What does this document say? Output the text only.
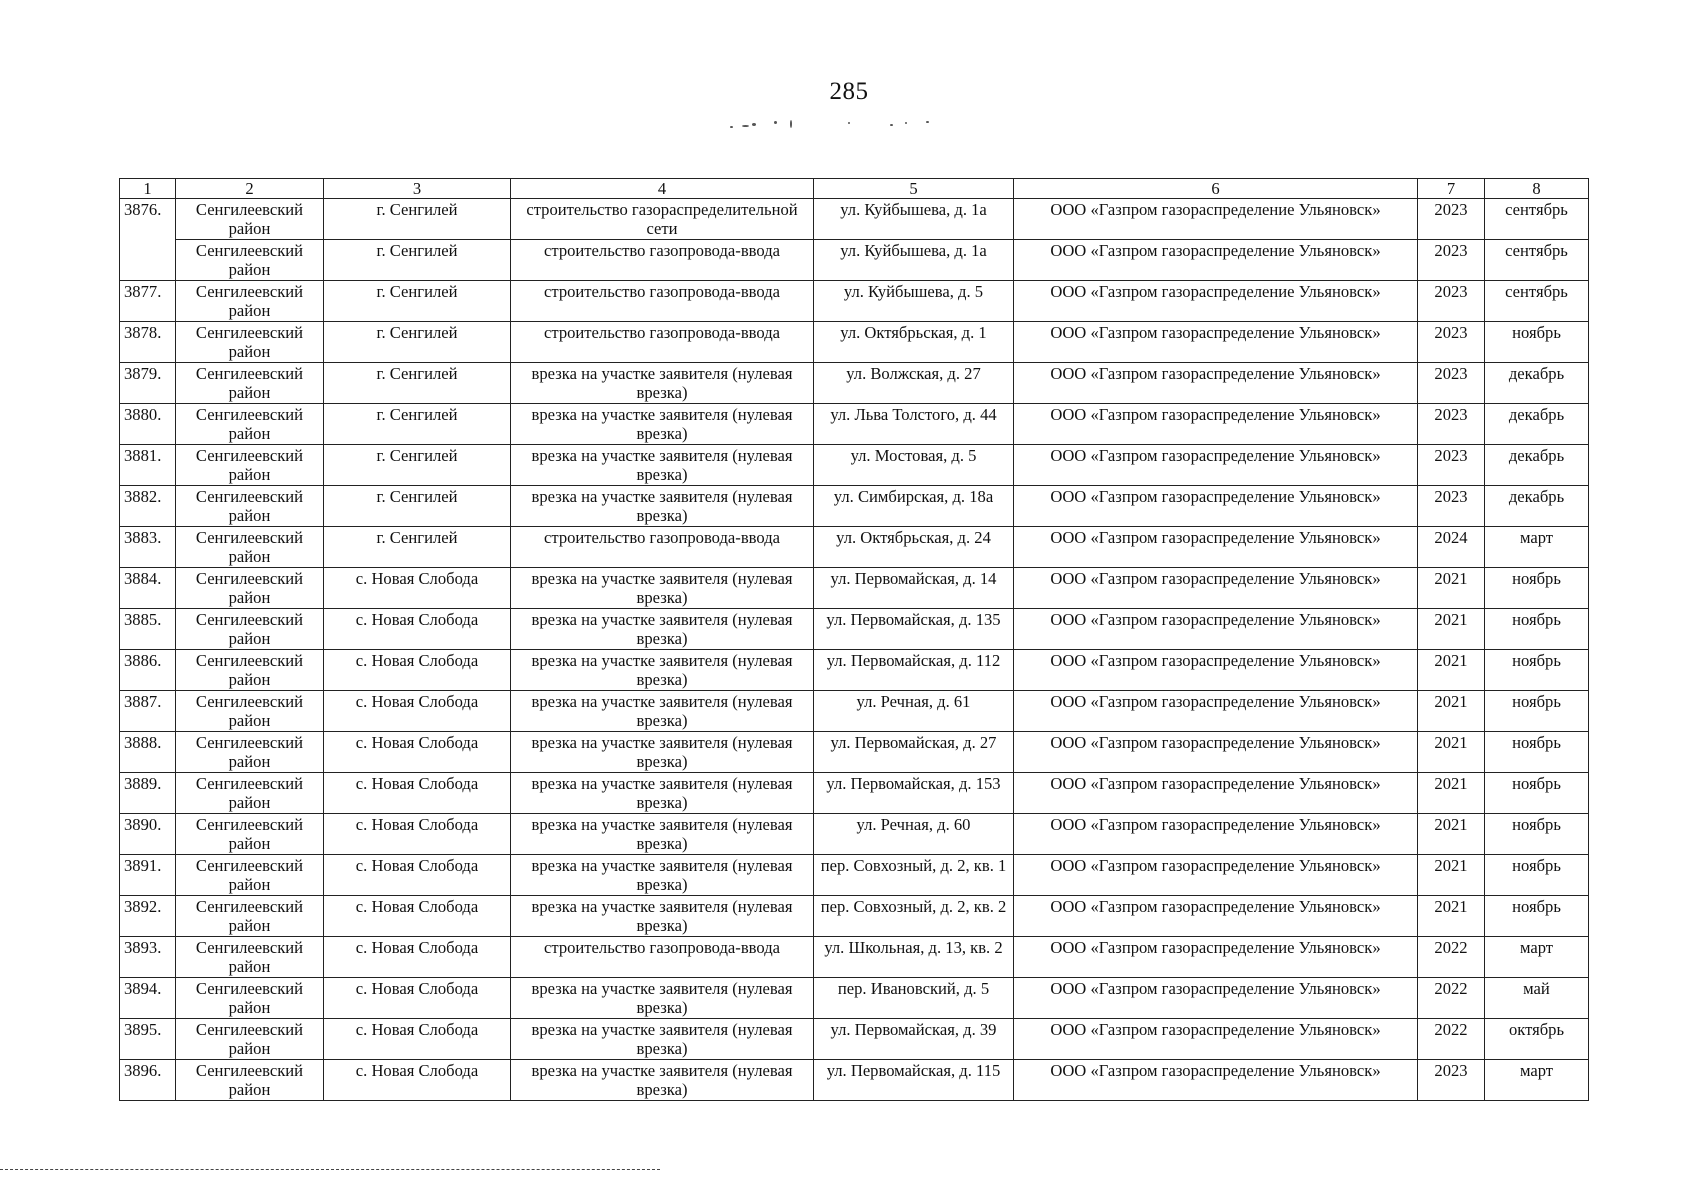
285
1	2	3	4	5	6	7	8
3876.	Сенгилеевский район	г. Сенгилей	строительство газораспределительной сети	ул. Куйбышева, д. 1а	ООО «Газпром газораспределение Ульяновск»	2023	сентябрь
	Сенгилеевский район	г. Сенгилей	строительство газопровода-ввода	ул. Куйбышева, д. 1а	ООО «Газпром газораспределение Ульяновск»	2023	сентябрь
3877.	Сенгилеевский район	г. Сенгилей	строительство газопровода-ввода	ул. Куйбышева, д. 5	ООО «Газпром газораспределение Ульяновск»	2023	сентябрь
3878.	Сенгилеевский район	г. Сенгилей	строительство газопровода-ввода	ул. Октябрьская, д. 1	ООО «Газпром газораспределение Ульяновск»	2023	ноябрь
3879.	Сенгилеевский район	г. Сенгилей	врезка на участке заявителя (нулевая врезка)	ул. Волжская, д. 27	ООО «Газпром газораспределение Ульяновск»	2023	декабрь
3880.	Сенгилеевский район	г. Сенгилей	врезка на участке заявителя (нулевая врезка)	ул. Льва Толстого, д. 44	ООО «Газпром газораспределение Ульяновск»	2023	декабрь
3881.	Сенгилеевский район	г. Сенгилей	врезка на участке заявителя (нулевая врезка)	ул. Мостовая, д. 5	ООО «Газпром газораспределение Ульяновск»	2023	декабрь
3882.	Сенгилеевский район	г. Сенгилей	врезка на участке заявителя (нулевая врезка)	ул. Симбирская, д. 18а	ООО «Газпром газораспределение Ульяновск»	2023	декабрь
3883.	Сенгилеевский район	г. Сенгилей	строительство газопровода-ввода	ул. Октябрьская, д. 24	ООО «Газпром газораспределение Ульяновск»	2024	март
3884.	Сенгилеевский район	с. Новая Слобода	врезка на участке заявителя (нулевая врезка)	ул. Первомайская, д. 14	ООО «Газпром газораспределение Ульяновск»	2021	ноябрь
3885.	Сенгилеевский район	с. Новая Слобода	врезка на участке заявителя (нулевая врезка)	ул. Первомайская, д. 135	ООО «Газпром газораспределение Ульяновск»	2021	ноябрь
3886.	Сенгилеевский район	с. Новая Слобода	врезка на участке заявителя (нулевая врезка)	ул. Первомайская, д. 112	ООО «Газпром газораспределение Ульяновск»	2021	ноябрь
3887.	Сенгилеевский район	с. Новая Слобода	врезка на участке заявителя (нулевая врезка)	ул. Речная, д. 61	ООО «Газпром газораспределение Ульяновск»	2021	ноябрь
3888.	Сенгилеевский район	с. Новая Слобода	врезка на участке заявителя (нулевая врезка)	ул. Первомайская, д. 27	ООО «Газпром газораспределение Ульяновск»	2021	ноябрь
3889.	Сенгилеевский район	с. Новая Слобода	врезка на участке заявителя (нулевая врезка)	ул. Первомайская, д. 153	ООО «Газпром газораспределение Ульяновск»	2021	ноябрь
3890.	Сенгилеевский район	с. Новая Слобода	врезка на участке заявителя (нулевая врезка)	ул. Речная, д. 60	ООО «Газпром газораспределение Ульяновск»	2021	ноябрь
3891.	Сенгилеевский район	с. Новая Слобода	врезка на участке заявителя (нулевая врезка)	пер. Совхозный, д. 2, кв. 1	ООО «Газпром газораспределение Ульяновск»	2021	ноябрь
3892.	Сенгилеевский район	с. Новая Слобода	врезка на участке заявителя (нулевая врезка)	пер. Совхозный, д. 2, кв. 2	ООО «Газпром газораспределение Ульяновск»	2021	ноябрь
3893.	Сенгилеевский район	с. Новая Слобода	строительство газопровода-ввода	ул. Школьная, д. 13, кв. 2	ООО «Газпром газораспределение Ульяновск»	2022	март
3894.	Сенгилеевский район	с. Новая Слобода	врезка на участке заявителя (нулевая врезка)	пер. Ивановский, д. 5	ООО «Газпром газораспределение Ульяновск»	2022	май
3895.	Сенгилеевский район	с. Новая Слобода	врезка на участке заявителя (нулевая врезка)	ул. Первомайская, д. 39	ООО «Газпром газораспределение Ульяновск»	2022	октябрь
3896.	Сенгилеевский район	с. Новая Слобода	врезка на участке заявителя (нулевая врезка)	ул. Первомайская, д. 115	ООО «Газпром газораспределение Ульяновск»	2023	март
